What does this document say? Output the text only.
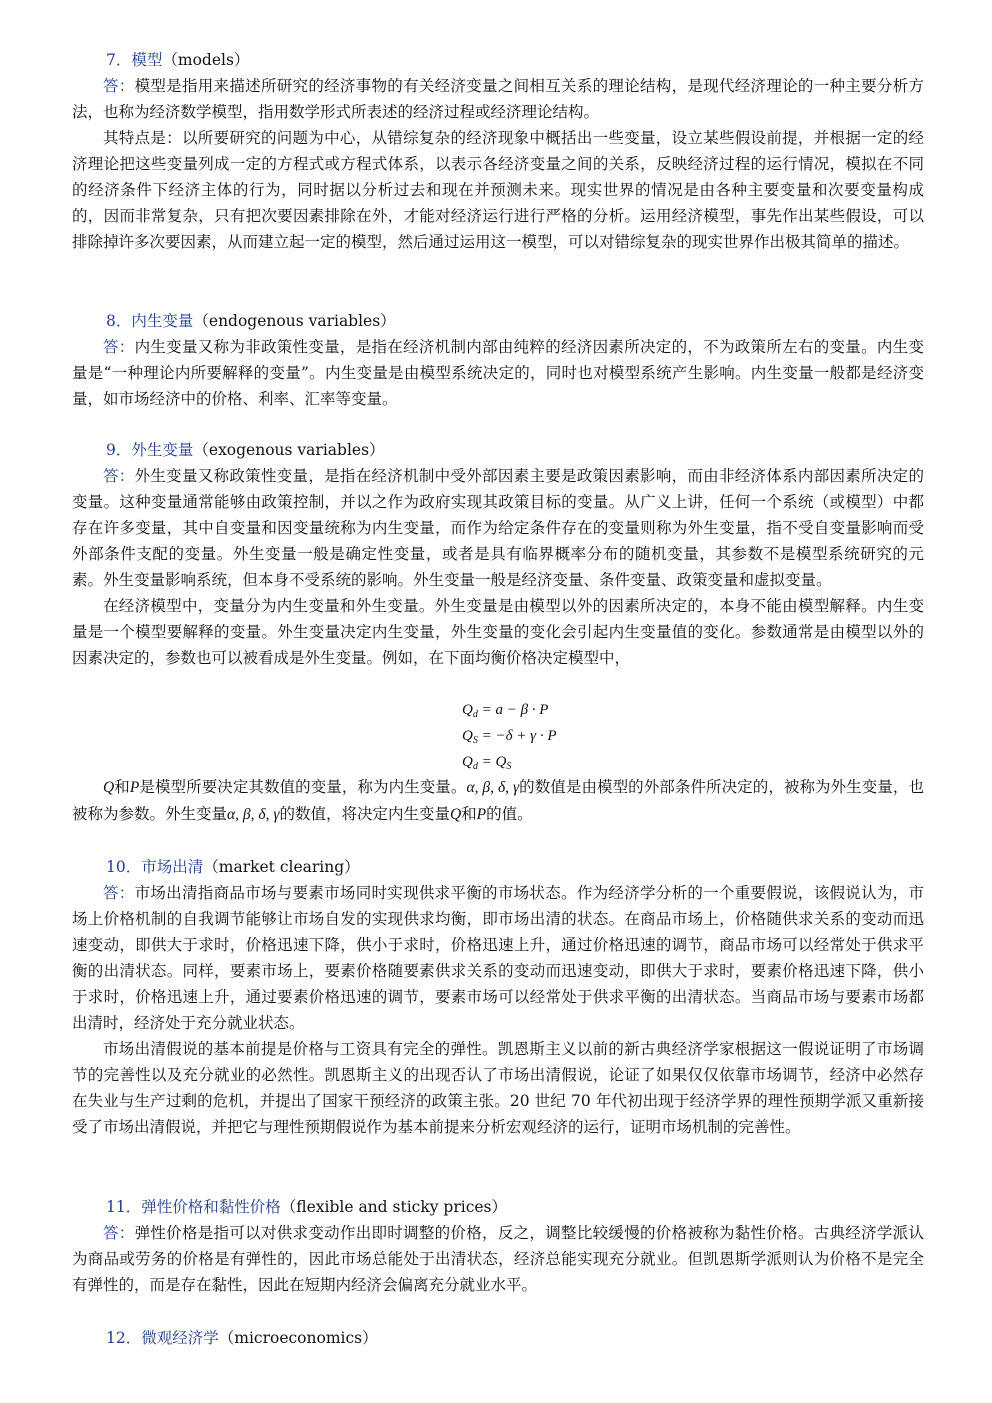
7．模型（models）

答：模型是指用来描述所研究的经济事物的有关经济变量之间相互关系的理论结构，是现代经济理论的一种主要分析方法，也称为经济数学模型，指用数学形式所表述的经济过程或经济理论结构。

其特点是：以所要研究的问题为中心，从错综复杂的经济现象中概括出一些变量，设立某些假设前提，并根据一定的经济理论把这些变量列成一定的方程式或方程式体系，以表示各经济变量之间的关系，反映经济过程的运行情况，模拟在不同的经济条件下经济主体的行为，同时据以分析过去和现在并预测未来。现实世界的情况是由各种主要变量和次要变量构成的，因而非常复杂，只有把次要因素排除在外，才能对经济运行进行严格的分析。运用经济模型，事先作出某些假设，可以排除掉许多次要因素，从而建立起一定的模型，然后通过运用这一模型，可以对错综复杂的现实世界作出极其简单的描述。

8．内生变量（endogenous variables）

答：内生变量又称为非政策性变量，是指在经济机制内部由纯粹的经济因素所决定的，不为政策所左右的变量。内生变量是“一种理论内所要解释的变量”。内生变量是由模型系统决定的，同时也对模型系统产生影响。内生变量一般都是经济变量，如市场经济中的价格、利率、汇率等变量。

9．外生变量（exogenous variables）

答：外生变量又称政策性变量，是指在经济机制中受外部因素主要是政策因素影响，而由非经济体系内部因素所决定的变量。这种变量通常能够由政策控制，并以之作为政府实现其政策目标的变量。从广义上讲，任何一个系统（或模型）中都存在许多变量，其中自变量和因变量统称为内生变量，而作为给定条件存在的变量则称为外生变量，指不受自变量影响而受外部条件支配的变量。外生变量一般是确定性变量，或者是具有临界概率分布的随机变量，其参数不是模型系统研究的元素。外生变量影响系统，但本身不受系统的影响。外生变量一般是经济变量、条件变量、政策变量和虚拟变量。

在经济模型中，变量分为内生变量和外生变量。外生变量是由模型以外的因素所决定的，本身不能由模型解释。内生变量是一个模型要解释的变量。外生变量决定内生变量，外生变量的变化会引起内生变量值的变化。参数通常是由模型以外的因素决定的，参数也可以被看成是外生变量。例如，在下面均衡价格决定模型中，

$Q_d = a - \beta \cdot P$
$Q_S = -\delta + \gamma \cdot P$
$Q_d = Q_S$

Q和P是模型所要决定其数值的变量，称为内生变量。α, β, δ, γ的数值是由模型的外部条件所决定的，被称为外生变量，也被称为参数。外生变量α, β, δ, γ的数值，将决定内生变量Q和P的值。

10．市场出清（market clearing）

答：市场出清指商品市场与要素市场同时实现供求平衡的市场状态。作为经济学分析的一个重要假说，该假说认为，市场上价格机制的自我调节能够让市场自发的实现供求均衡，即市场出清的状态。在商品市场上，价格随供求关系的变动而迅速变动，即供大于求时，价格迅速下降，供小于求时，价格迅速上升，通过价格迅速的调节，商品市场可以经常处于供求平衡的出清状态。同样，要素市场上，要素价格随要素供求关系的变动而迅速变动，即供大于求时，要素价格迅速下降，供小于求时，价格迅速上升，通过要素价格迅速的调节，要素市场可以经常处于供求平衡的出清状态。当商品市场与要素市场都出清时，经济处于充分就业状态。

市场出清假说的基本前提是价格与工资具有完全的弹性。凯恩斯主义以前的新古典经济学家根据这一假说证明了市场调节的完善性以及充分就业的必然性。凯恩斯主义的出现否认了市场出清假说，论证了如果仅仅依靠市场调节，经济中必然存在失业与生产过剩的危机，并提出了国家干预经济的政策主张。20 世纪 70 年代初出现于经济学界的理性预期学派又重新接受了市场出清假说，并把它与理性预期假说作为基本前提来分析宏观经济的运行，证明市场机制的完善性。

11．弹性价格和黏性价格（flexible and sticky prices）

答：弹性价格是指可以对供求变动作出即时调整的价格，反之，调整比较缓慢的价格被称为黏性价格。古典经济学派认为商品或劳务的价格是有弹性的，因此市场总能处于出清状态，经济总能实现充分就业。但凯恩斯学派则认为价格不是完全有弹性的，而是存在黏性，因此在短期内经济会偏离充分就业水平。

12．微观经济学（microeconomics）
